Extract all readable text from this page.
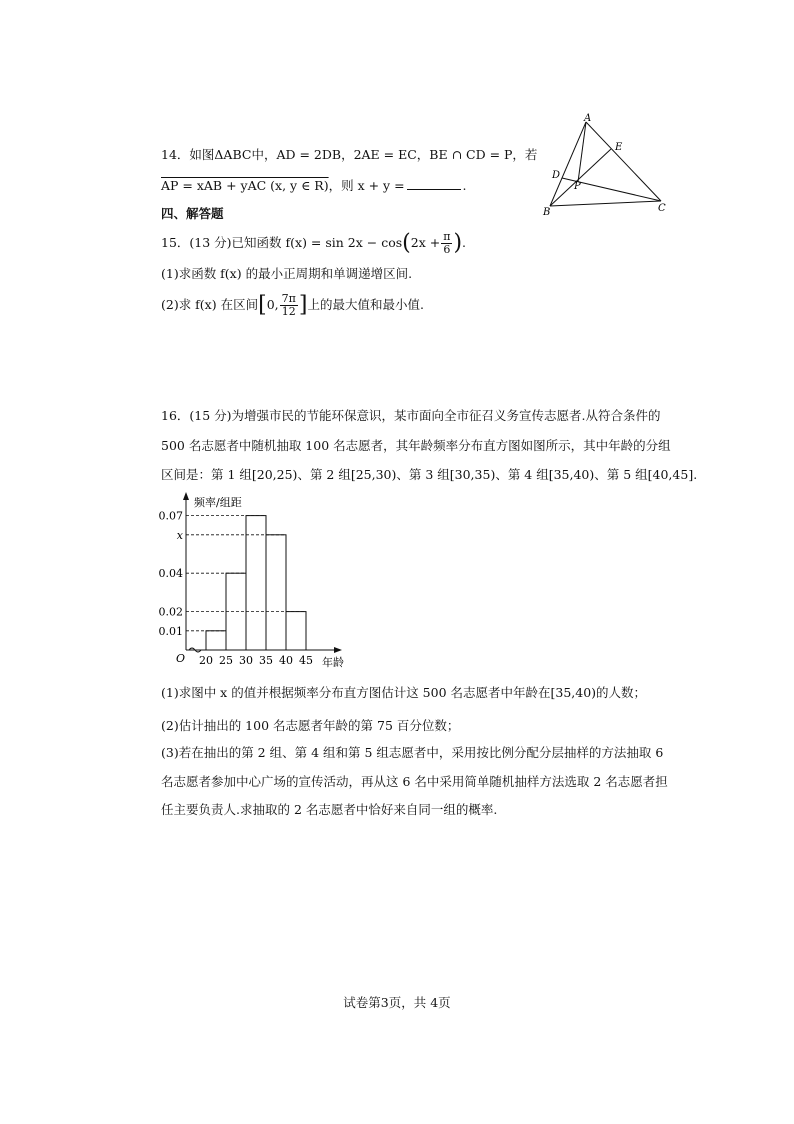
14．如图ΔABC中，AD = 2DB，2AE = EC，BE ∩ CD = P，若
AP = xAB + yAC (x, y ∈ R)，则 x + y =	.
A
E
D
P
B	C
四、解答题
15．(13 分)已知函数 $f(x) = \sin 2x - \cos(2x + \frac{\pi}{6}$ ).
(1)求函数 f(x) 的最小正周期和单调递增区间.
(2)求 f(x) 在区间[0, $\frac{7\pi}{12}$ ]上的最大值和最小值.
16．(15 分)为增强市民的节能环保意识，某市面向全市征召义务宣传志愿者.从符合条件的
500 名志愿者中随机抽取 100 名志愿者，其年龄频率分布直方图如图所示，其中年龄的分组
区间是：第 1 组[20,25)、第 2 组[25,30)、第 3 组[30,35)、第 4 组[35,40)、第 5 组[40,45].
0.07
x
0.04
0.02
0.01
20 25 30 35 40 45
O
频率/组距
年龄
(1)求图中 x 的值并根据频率分布直方图估计这 500 名志愿者中年龄在[35,40)的人数；
(2)估计抽出的 100 名志愿者年龄的第 75 百分位数；
(3)若在抽出的第 2 组、第 4 组和第 5 组志愿者中，采用按比例分配分层抽样的方法抽取 6
名志愿者参加中心广场的宣传活动，再从这 6 名中采用简单随机抽样方法选取 2 名志愿者担
任主要负责人.求抽取的 2 名志愿者中恰好来自同一组的概率.
试卷第3页，共 4页
